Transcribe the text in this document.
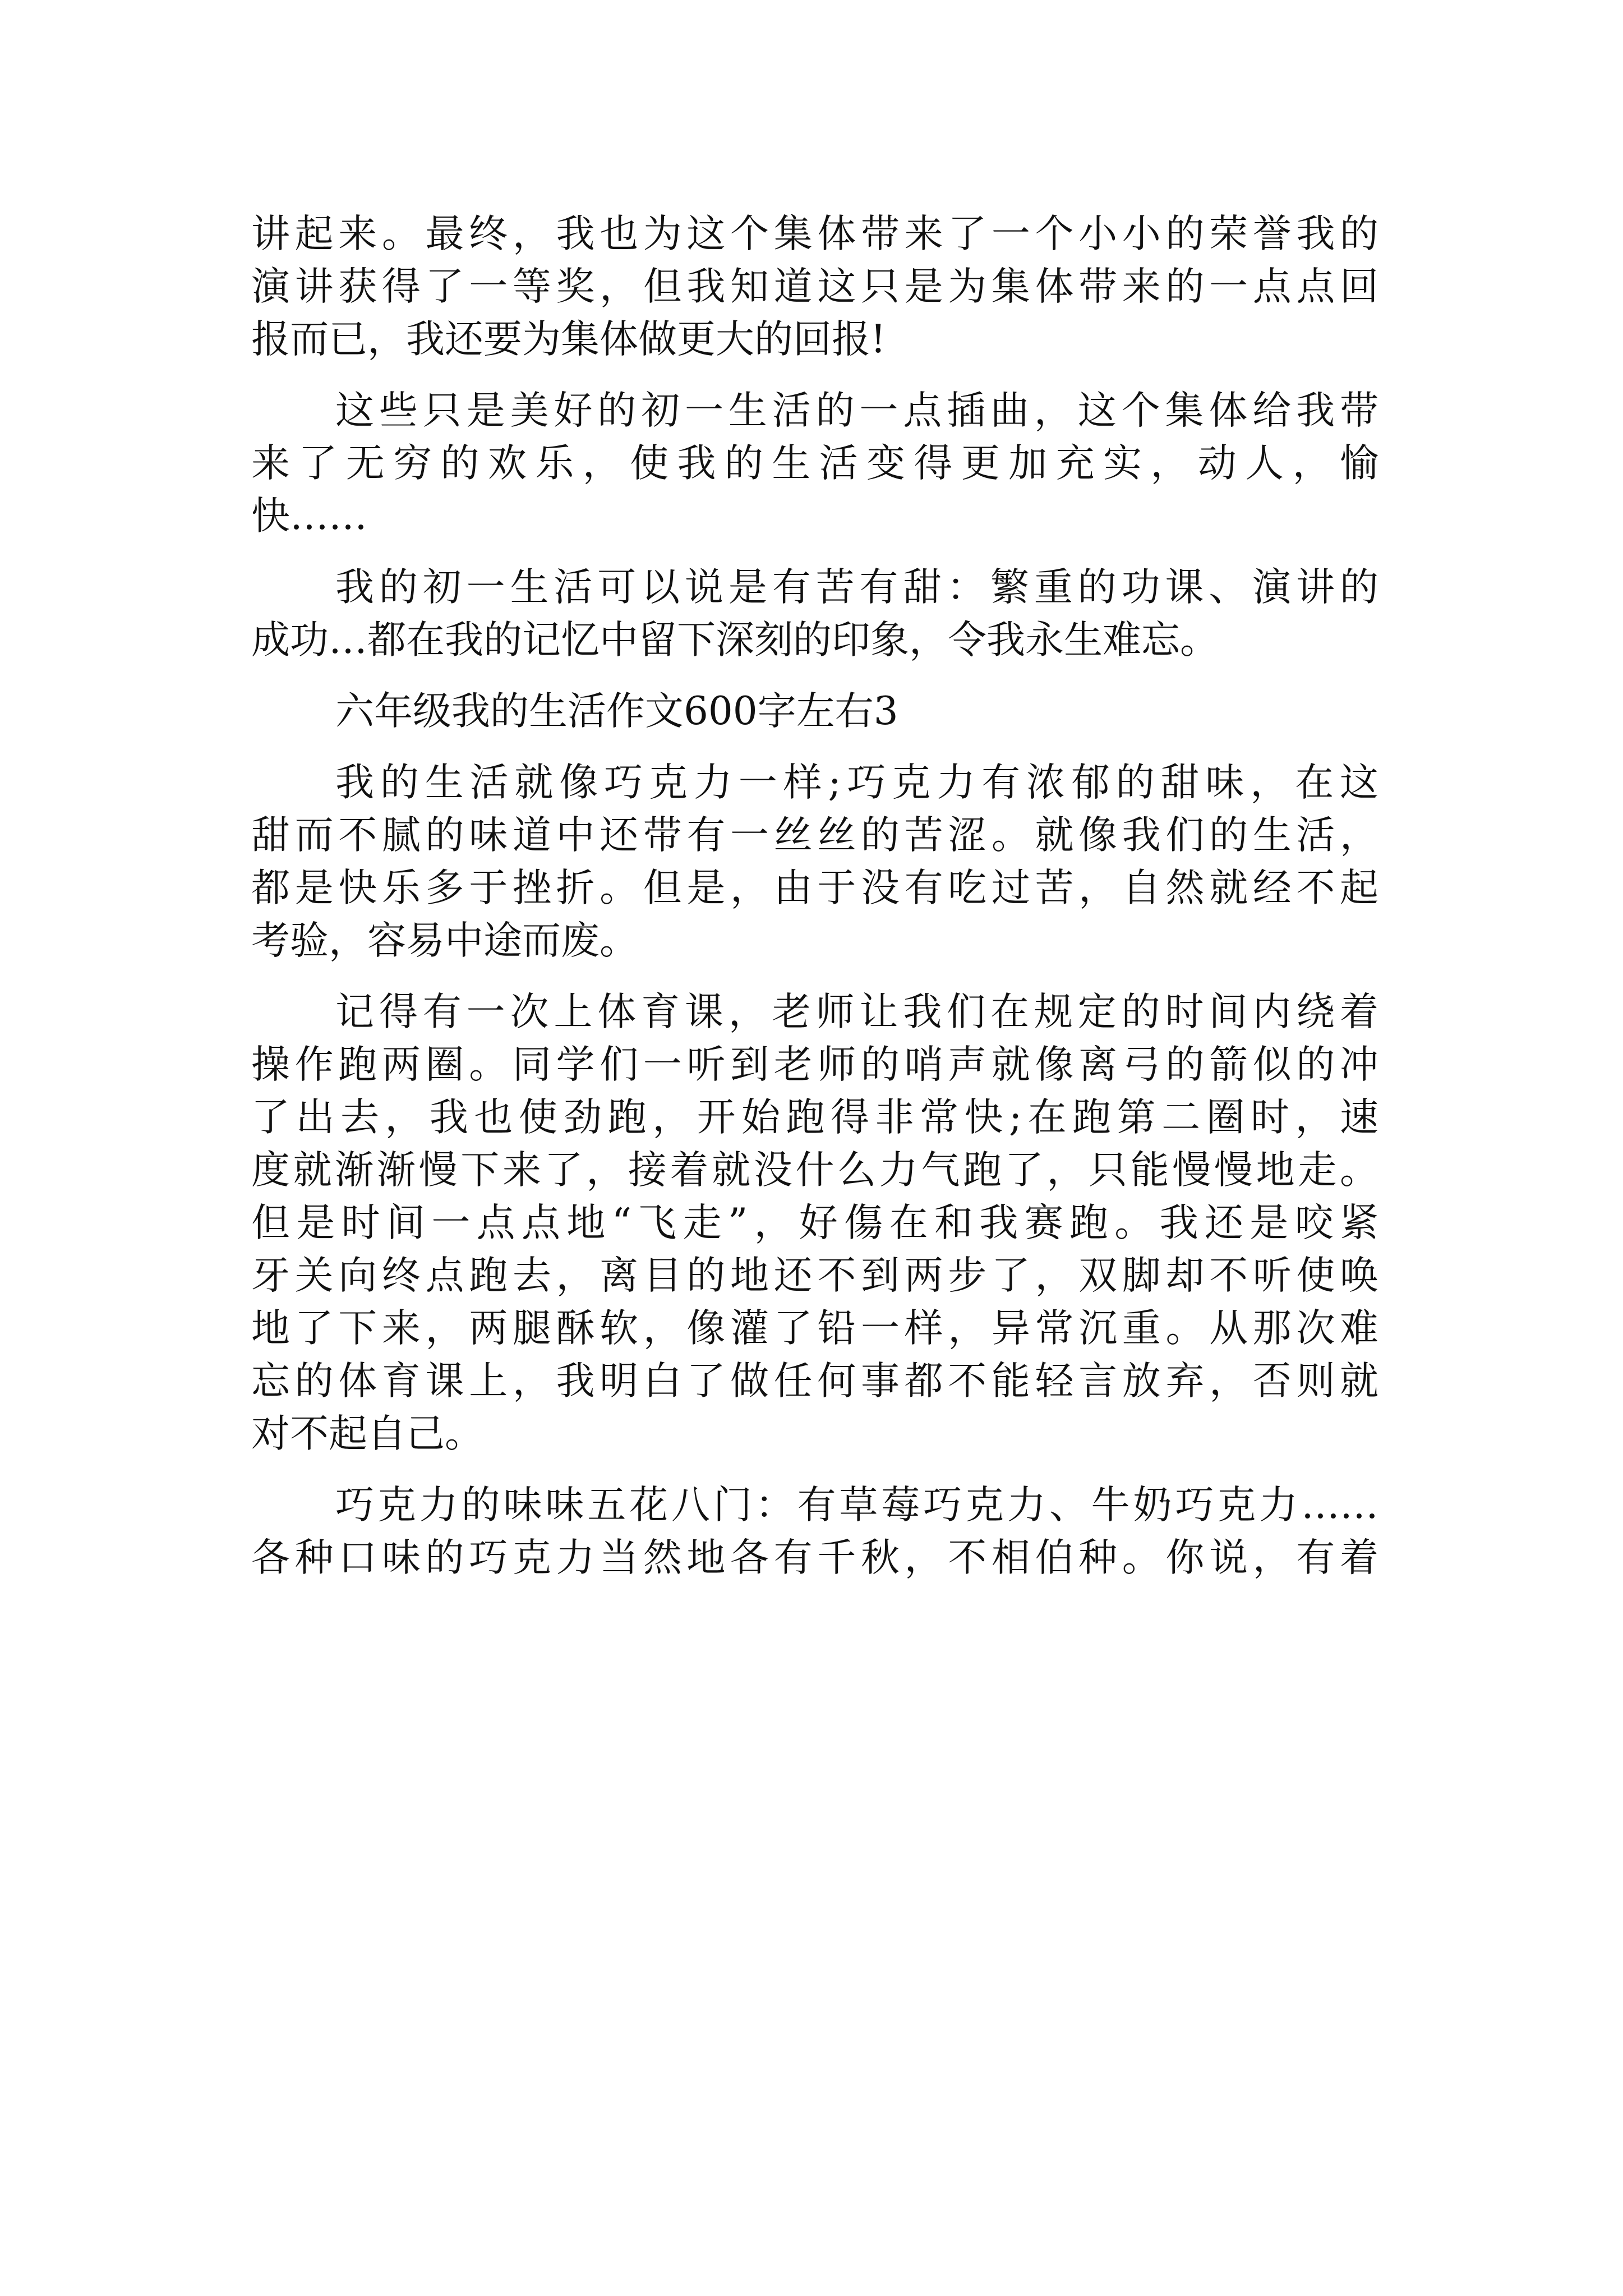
讲起来。最终，我也为这个集体带来了一个小小的荣誉我的
演讲获得了一等奖，但我知道这只是为集体带来的一点点回
报而已，我还要为集体做更大的回报!
这些只是美好的初一生活的一点插曲，这个集体给我带
来了无穷的欢乐，使我的生活变得更加充实，动人，愉
快……
我的初一生活可以说是有苦有甜：繁重的功课、演讲的
成功…都在我的记忆中留下深刻的印象，令我永生难忘。
六年级我的生活作文600字左右3
我的生活就像巧克力一样;巧克力有浓郁的甜味，在这
甜而不腻的味道中还带有一丝丝的苦涩。就像我们的生活，
都是快乐多于挫折。但是，由于没有吃过苦，自然就经不起
考验，容易中途而废。
记得有一次上体育课，老师让我们在规定的时间内绕着
操作跑两圈。同学们一听到老师的哨声就像离弓的箭似的冲
了出去，我也使劲跑，开始跑得非常快;在跑第二圈时，速
度就渐渐慢下来了，接着就没什么力气跑了，只能慢慢地走。
但是时间一点点地“飞走”，好傷在和我赛跑。我还是咬紧
牙关向终点跑去，离目的地还不到两步了，双脚却不听使唤
地了下来，两腿酥软，像灌了铅一样，异常沉重。从那次难
忘的体育课上，我明白了做任何事都不能轻言放弃，否则就
对不起自己。
巧克力的味味五花八门：有草莓巧克力、牛奶巧克力……
各种口味的巧克力当然地各有千秋，不相伯种。你说，有着
